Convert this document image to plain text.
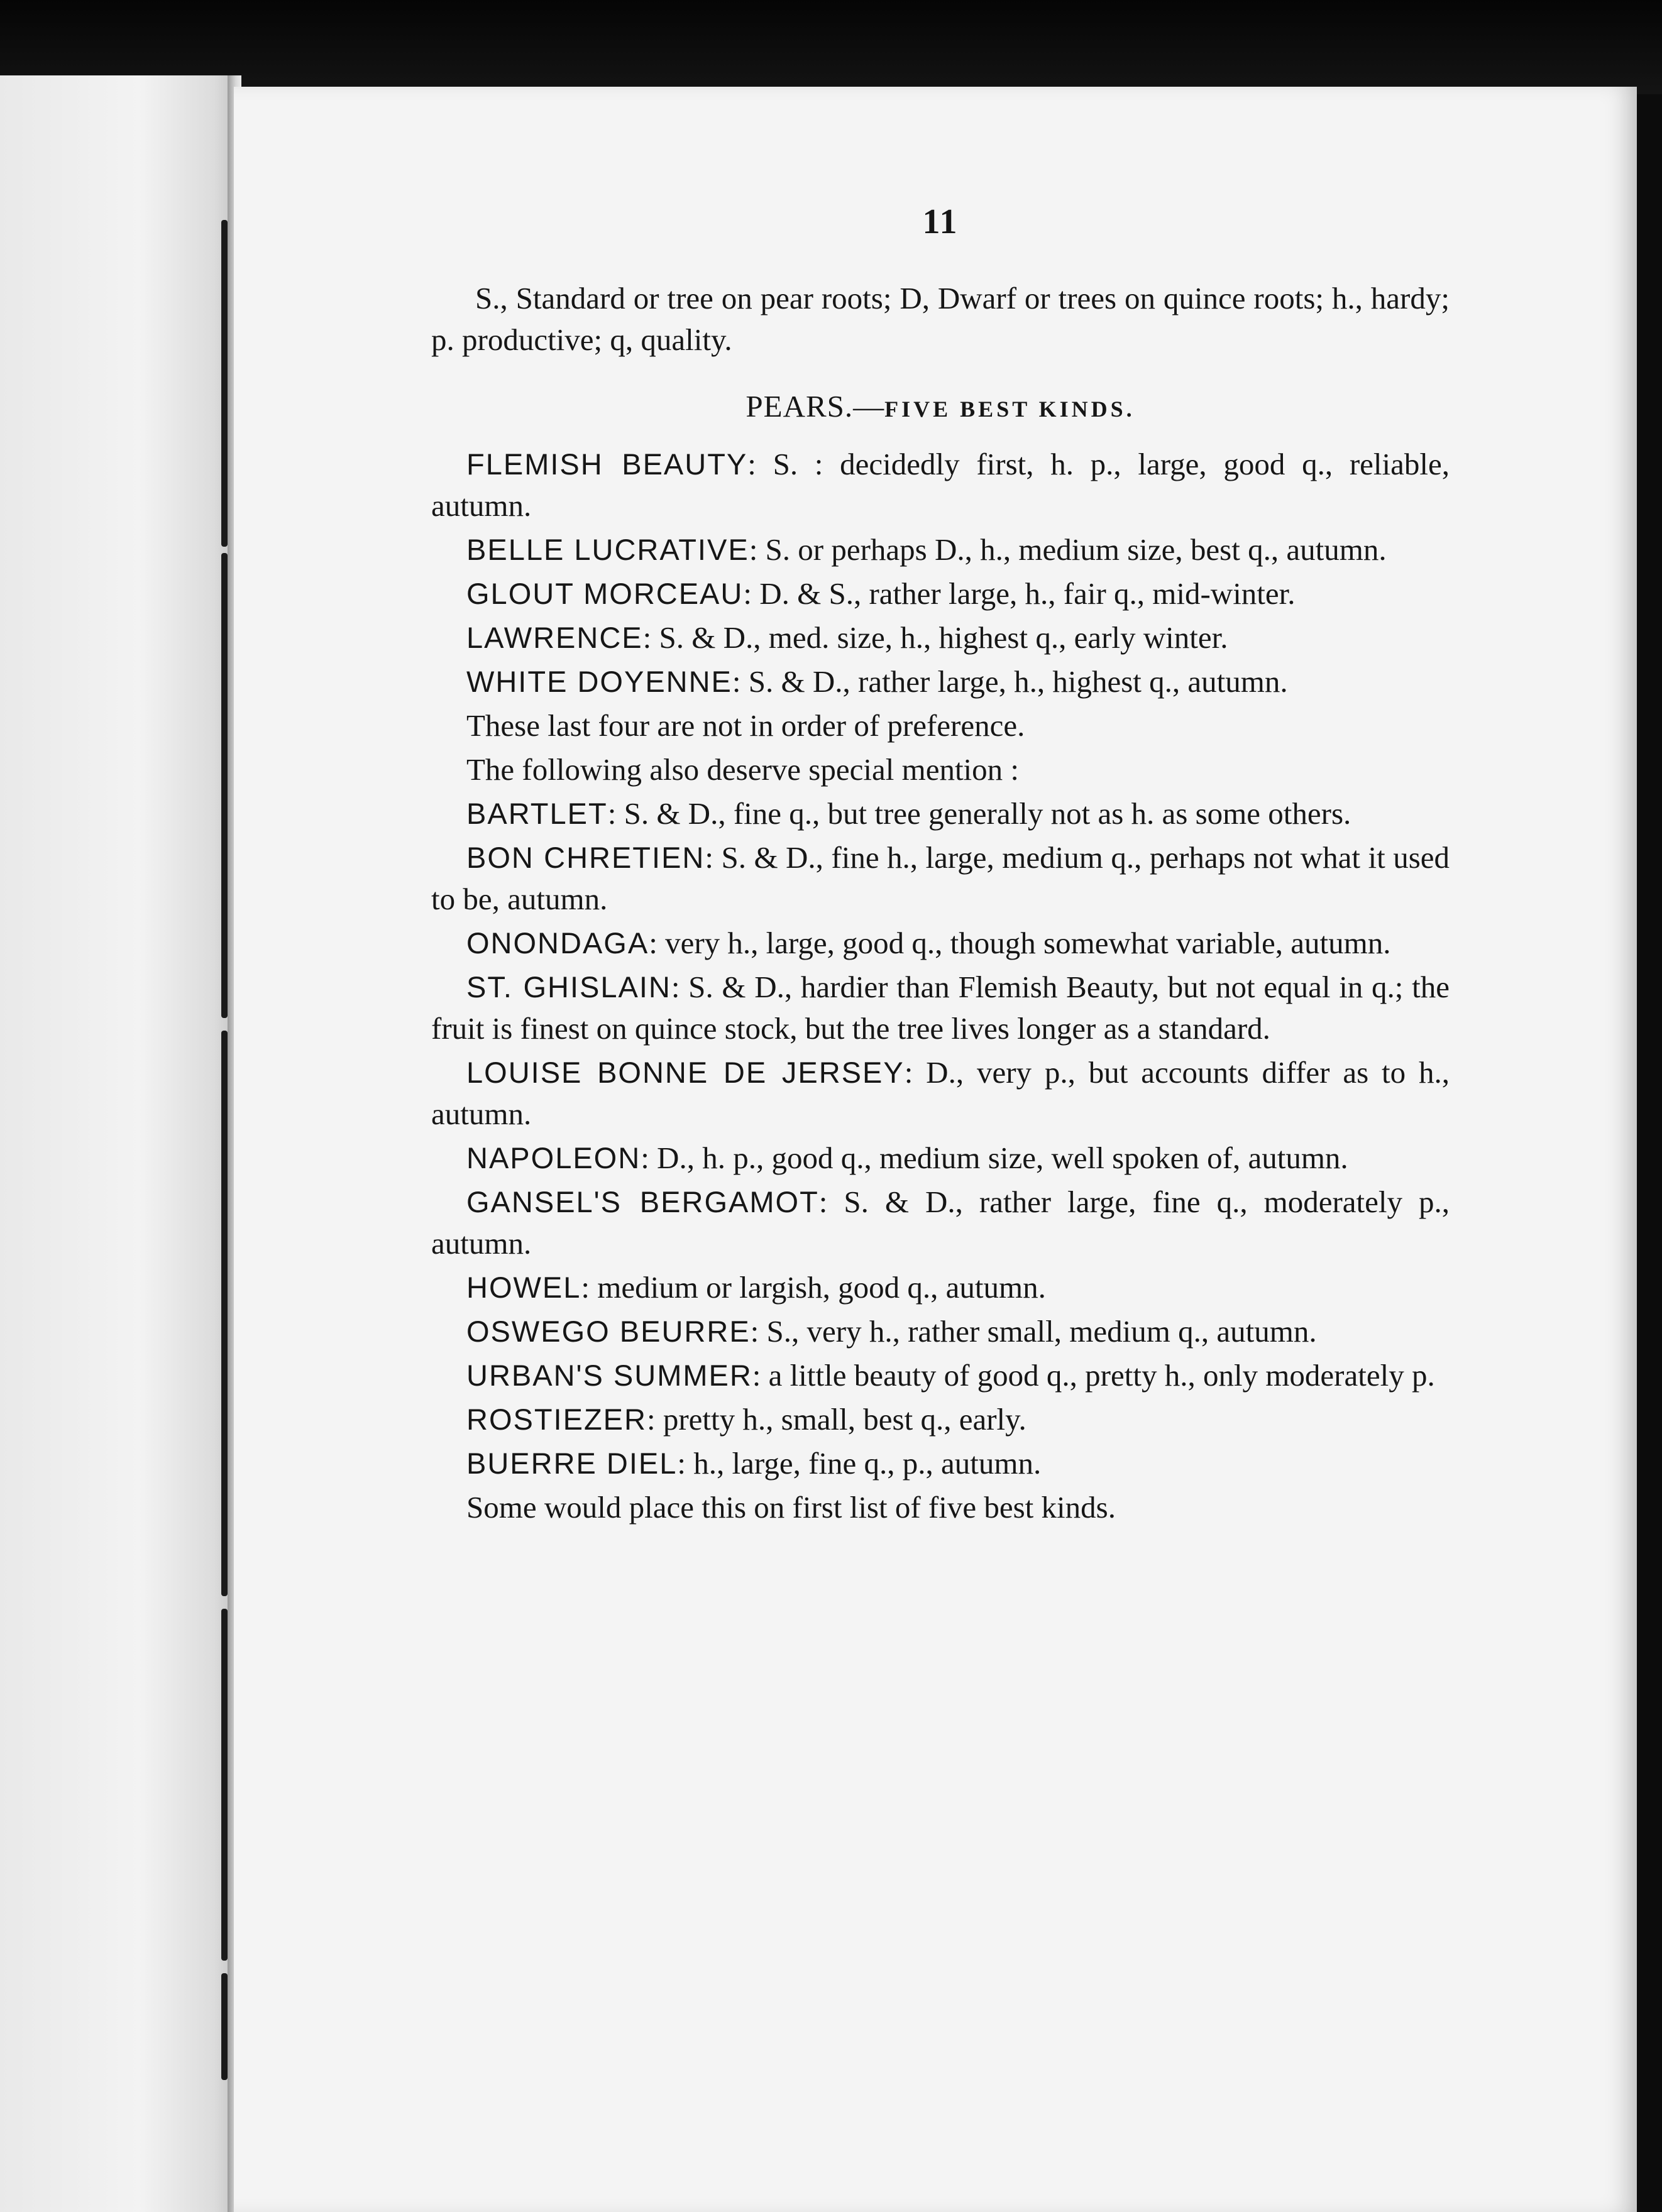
11

S., Standard or tree on pear roots; D, Dwarf or trees on quince roots; h., hardy; p. productive; q, quality.

PEARS.—FIVE BEST KINDS.

FLEMISH BEAUTY: S. : decidedly first, h. p., large, good q., reliable, autumn.

BELLE LUCRATIVE: S. or perhaps D., h., medium size, best q., autumn.

GLOUT MORCEAU: D. & S., rather large, h., fair q., mid-winter.

LAWRENCE: S. & D., med. size, h., highest q., early winter.

WHITE DOYENNE: S. & D., rather large, h., highest q., autumn.

These last four are not in order of preference.

The following also deserve special mention :

BARTLET: S. & D., fine q., but tree generally not as h. as some others.

BON CHRETIEN: S. & D., fine h., large, medium q., perhaps not what it used to be, autumn.

ONONDAGA: very h., large, good q., though somewhat variable, autumn.

ST. GHISLAIN: S. & D., hardier than Flemish Beauty, but not equal in q.; the fruit is finest on quince stock, but the tree lives longer as a standard.

LOUISE BONNE DE JERSEY: D., very p., but accounts differ as to h., autumn.

NAPOLEON: D., h. p., good q., medium size, well spoken of, autumn.

GANSEL'S BERGAMOT: S. & D., rather large, fine q., moderately p., autumn.

HOWEL: medium or largish, good q., autumn.

OSWEGO BEURRE: S., very h., rather small, medium q., autumn.

URBAN'S SUMMER: a little beauty of good q., pretty h., only moderately p.

ROSTIEZER: pretty h., small, best q., early.

BUERRE DIEL: h., large, fine q., p., autumn.

Some would place this on first list of five best kinds.
